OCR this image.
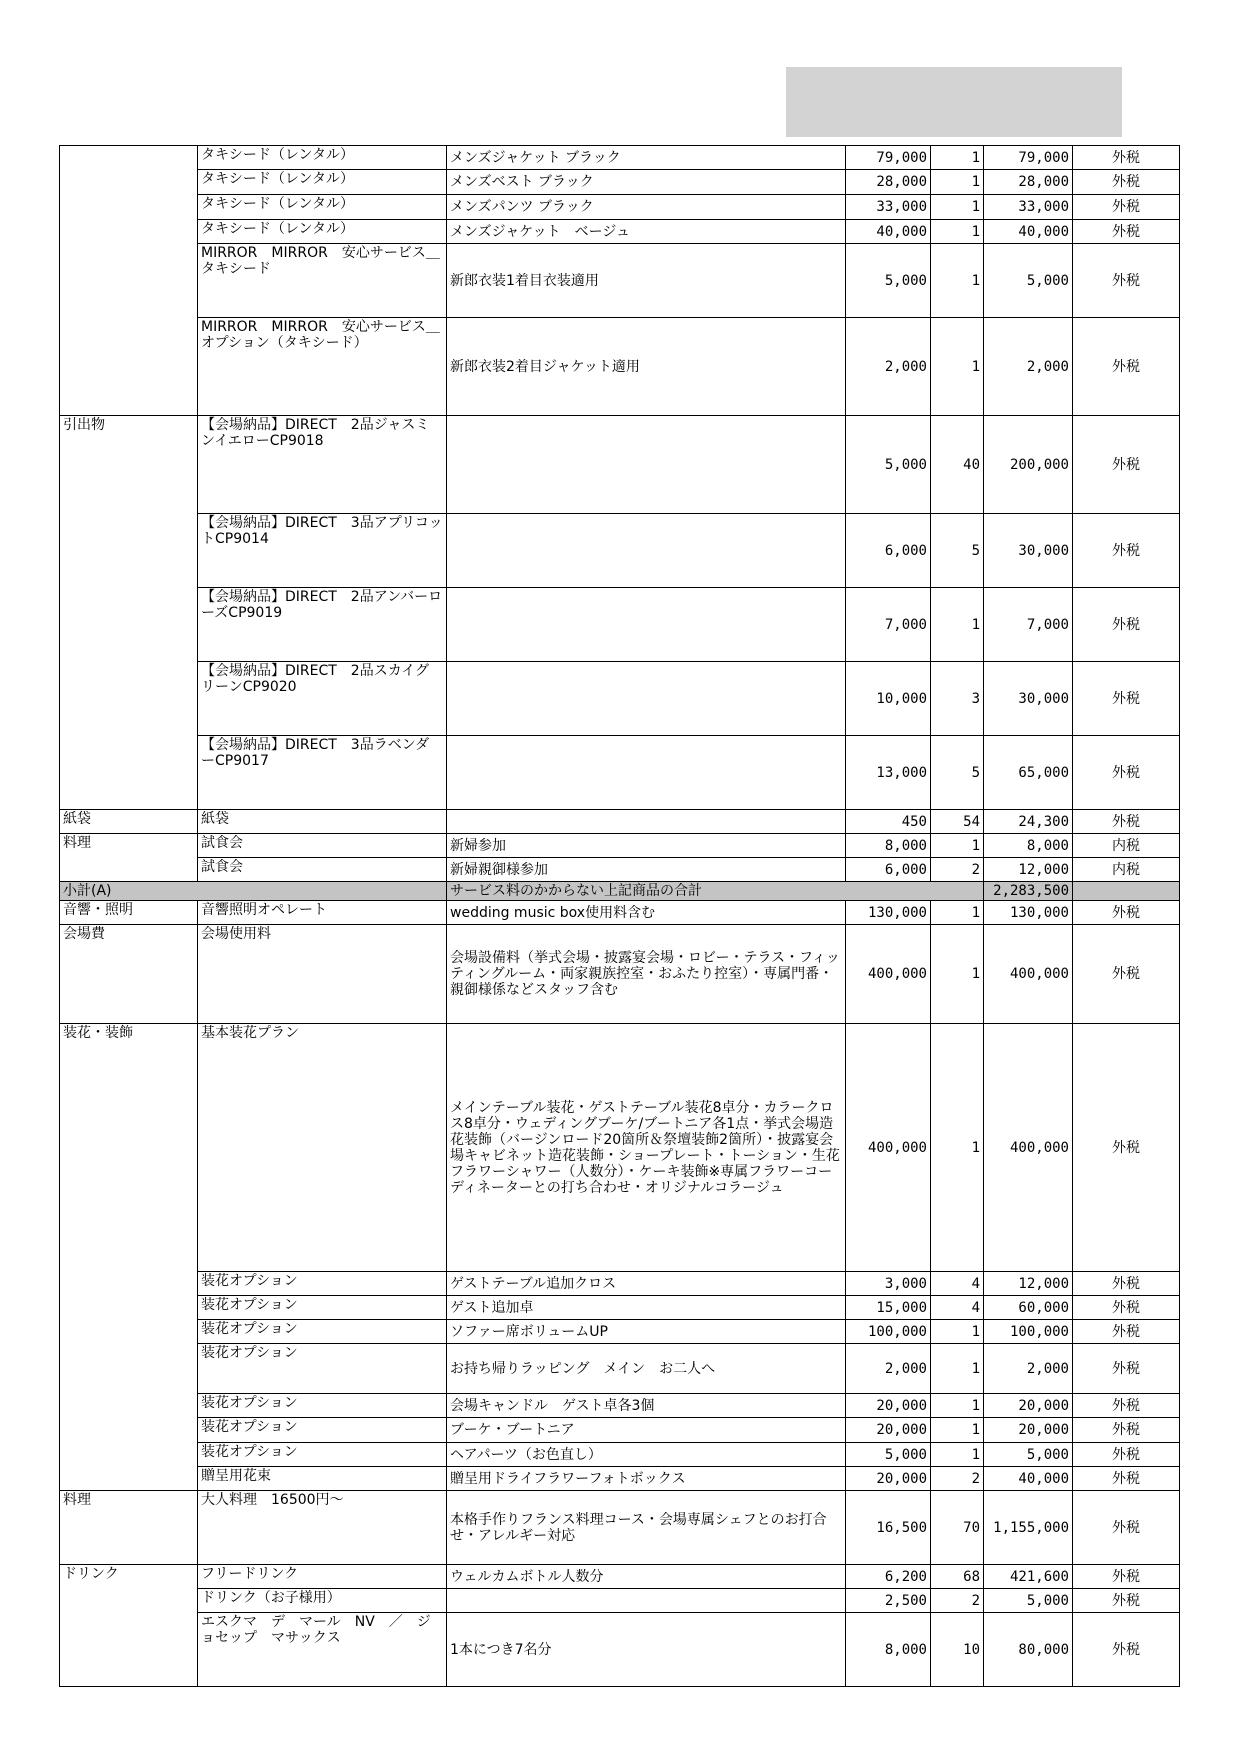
	タキシード（レンタル）	メンズジャケット ブラック	79,000	1	79,000	外税
	タキシード（レンタル）	メンズベスト ブラック	28,000	1	28,000	外税
	タキシード（レンタル）	メンズパンツ ブラック	33,000	1	33,000	外税
	タキシード（レンタル）	メンズジャケット　ベージュ	40,000	1	40,000	外税
	MIRROR　MIRROR　安心サービス＿タキシード	新郎衣装1着目衣装適用	5,000	1	5,000	外税
	MIRROR　MIRROR　安心サービス＿オプション（タキシード）	新郎衣装2着目ジャケット適用	2,000	1	2,000	外税
引出物	【会場納品】DIRECT　2品ジャスミンイエローCP9018		5,000	40	200,000	外税
	【会場納品】DIRECT　3品アプリコットCP9014		6,000	5	30,000	外税
	【会場納品】DIRECT　2品アンバーローズCP9019		7,000	1	7,000	外税
	【会場納品】DIRECT　2品スカイグリーンCP9020		10,000	3	30,000	外税
	【会場納品】DIRECT　3品ラベンダーCP9017		13,000	5	65,000	外税
紙袋	紙袋		450	54	24,300	外税
料理	試食会	新婦参加	8,000	1	8,000	内税
	試食会	新婦親御様参加	6,000	2	12,000	内税
小計(A)		サービス料のかからない上記商品の合計			2,283,500	
音響・照明	音響照明オペレート	wedding music box使用料含む	130,000	1	130,000	外税
会場費	会場使用料	会場設備料（挙式会場・披露宴会場・ロビー・テラス・フィッティングルーム・両家親族控室・おふたり控室）・専属門番・親御様係などスタッフ含む	400,000	1	400,000	外税
装花・装飾	基本装花プラン	メインテーブル装花・ゲストテーブル装花8卓分・カラークロス8卓分・ウェディングブーケ/ブートニア各1点・挙式会場造花装飾（バージンロード20箇所＆祭壇装飾2箇所）・披露宴会場キャビネット造花装飾・ショープレート・トーション・生花フラワーシャワー（人数分）・ケーキ装飾※専属フラワーコーディネーターとの打ち合わせ・オリジナルコラージュ	400,000	1	400,000	外税
	装花オプション	ゲストテーブル追加クロス	3,000	4	12,000	外税
	装花オプション	ゲスト追加卓	15,000	4	60,000	外税
	装花オプション	ソファー席ボリュームUP	100,000	1	100,000	外税
	装花オプション	お持ち帰りラッピング　メイン　お二人へ	2,000	1	2,000	外税
	装花オプション	会場キャンドル　ゲスト卓各3個	20,000	1	20,000	外税
	装花オプション	ブーケ・ブートニア	20,000	1	20,000	外税
	装花オプション	ヘアパーツ（お色直し）	5,000	1	5,000	外税
	贈呈用花束	贈呈用ドライフラワーフォトボックス	20,000	2	40,000	外税
料理	大人料理　16500円〜	本格手作りフランス料理コース・会場専属シェフとのお打合せ・アレルギー対応	16,500	70	1,155,000	外税
ドリンク	フリードリンク	ウェルカムボトル人数分	6,200	68	421,600	外税
	ドリンク（お子様用）		2,500	2	5,000	外税
	エスクマ　デ　マール　NV　／　ジョセップ　マサックス	1本につき7名分	8,000	10	80,000	外税
